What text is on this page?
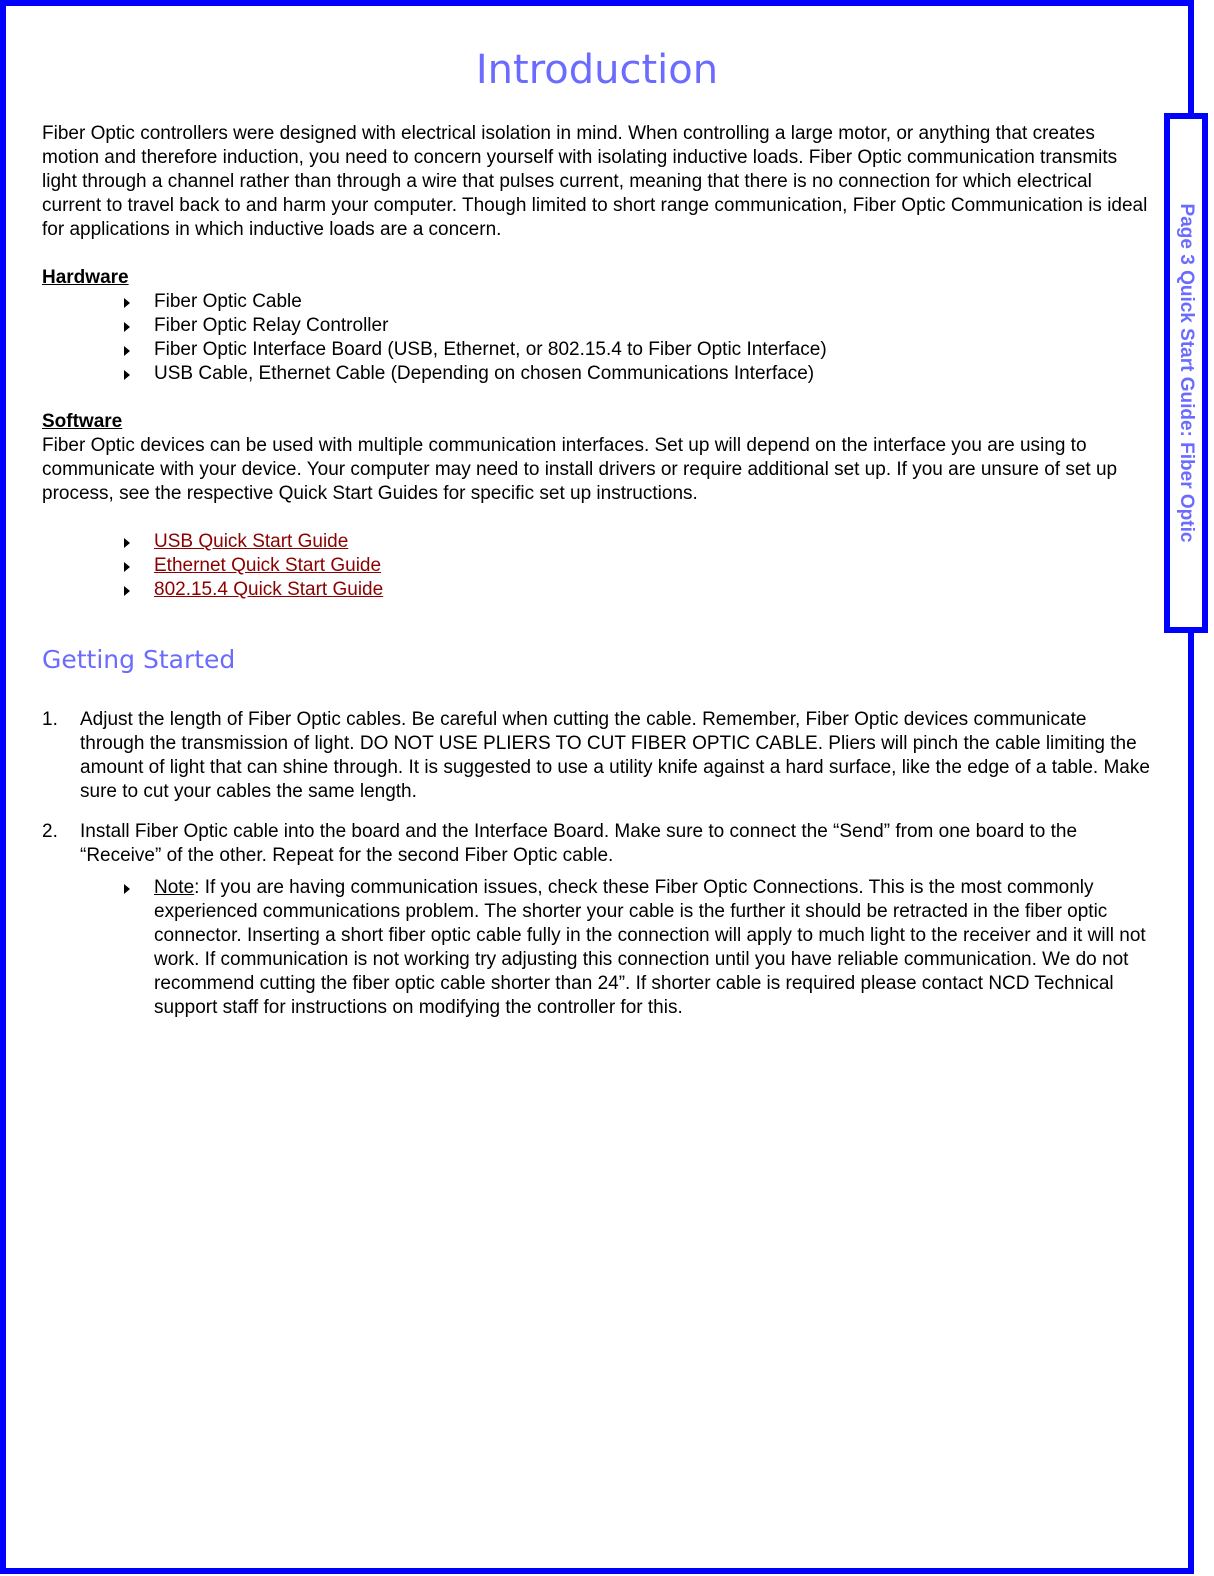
Page 3 Quick Start Guide: Fiber Optic
Introduction

Fiber Optic controllers were designed with electrical isolation in mind. When controlling a large motor, or anything that creates motion and therefore induction, you need to concern yourself with isolating inductive loads. Fiber Optic communication transmits light through a channel rather than through a wire that pulses current, meaning that there is no connection for which electrical current to travel back to and harm your computer. Though limited to short range communication, Fiber Optic Communication is ideal for applications in which inductive loads are a concern.

Hardware

Fiber Optic Cable
Fiber Optic Relay Controller
Fiber Optic Interface Board (USB, Ethernet, or 802.15.4 to Fiber Optic Interface)
USB Cable, Ethernet Cable (Depending on chosen Communications Interface)

Software

Fiber Optic devices can be used with multiple communication interfaces. Set up will depend on the interface you are using to communicate with your device. Your computer may need to install drivers or require additional set up. If you are unsure of set up process, see the respective Quick Start Guides for specific set up instructions.

USB Quick Start Guide
Ethernet Quick Start Guide
802.15.4 Quick Start Guide

Getting Started

1. Adjust the length of Fiber Optic cables. Be careful when cutting the cable. Remember, Fiber Optic devices communicate through the transmission of light. DO NOT USE PLIERS TO CUT FIBER OPTIC CABLE. Pliers will pinch the cable limiting the amount of light that can shine through. It is suggested to use a utility knife against a hard surface, like the edge of a table. Make sure to cut your cables the same length.
2. Install Fiber Optic cable into the board and the Interface Board. Make sure to connect the “Send” from one board to the “Receive” of the other. Repeat for the second Fiber Optic cable.
Note: If you are having communication issues, check these Fiber Optic Connections. This is the most commonly experienced communications problem. The shorter your cable is the further it should be retracted in the fiber optic connector. Inserting a short fiber optic cable fully in the connection will apply to much light to the receiver and it will not work. If communication is not working try adjusting this connection until you have reliable communication. We do not recommend cutting the fiber optic cable shorter than 24”. If shorter cable is required please contact NCD Technical support staff for instructions on modifying the controller for this.
